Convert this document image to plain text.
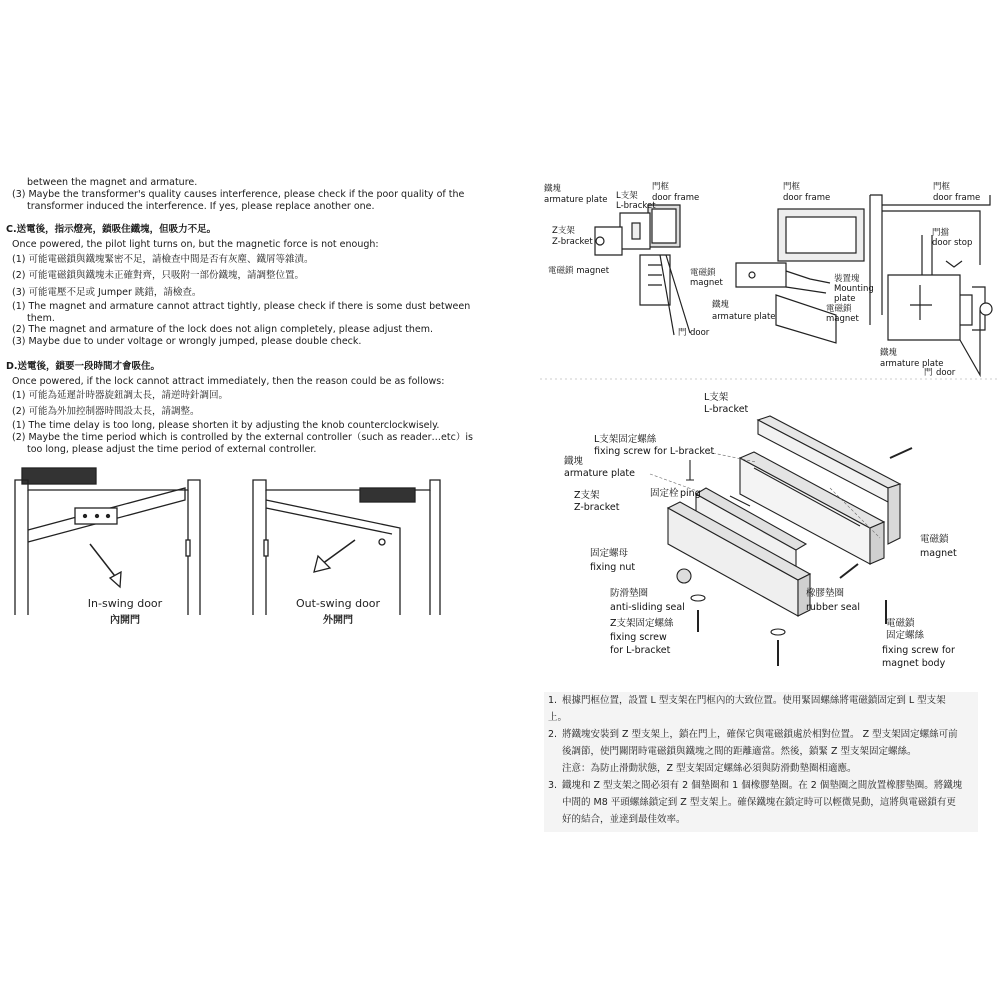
between the magnet and armature.
(3) Maybe the transformer's quality causes interference, please check if the poor quality of the
transformer induced the interference. If yes, please replace another one.
C.送電後，指示燈亮，鎖吸住鐵塊，但吸力不足。
Once powered, the pilot light turns on, but the magnetic force is not enough:
(1) 可能電磁鎖與鐵塊緊密不足，請檢查中間是否有灰塵、鐵屑等雜漬。
(2) 可能電磁鎖與鐵塊未正確對齊，只吸附一部份鐵塊，請調整位置。
(3) 可能電壓不足或 Jumper 跳錯，請檢查。
(1) The magnet and armature cannot attract tightly, please check if there is some dust between
them.
(2) The magnet and armature of the lock does not align completely, please adjust them.
(3) Maybe due to under voltage or wrongly jumped, please double check.
D.送電後，鎖要一段時間才會吸住。
Once powered, if the lock cannot attract immediately, then the reason could be as follows:
(1) 可能為延遲計時器旋鈕調太長，請逆時針調回。
(2) 可能為外加控制器時間設太長，請調整。
(1) The time delay is too long, please shorten it by adjusting the knob counterclockwisely.
(2) Maybe the time period which is controlled by the external controller（such as reader…etc）is
too long, please adjust the time period of external controller.
In-swing door
內開門
Out-swing door
外開門
鐵塊
armature plate L支架
L-bracket
門框
door frame
Z支架
Z-bracket
電磁鎖 magnet
門 door
門框
door frame
電磁鎖
magnet
鐵塊
armature plate
裝置塊
Mounting
plate
電磁鎖
magnet
門框
door frame
門擋
door stop
鐵塊
armature plate
門 door
L支架
L-bracket
L支架固定螺絲
fixing screw for L-bracket
鐵塊
armature plate
固定栓 ping
Z支架
Z-bracket
固定螺母
fixing nut
電磁鎖
magnet
防滑墊圈
anti-sliding seal
橡膠墊圈
rubber seal
Z支架固定螺絲
fixing screw
for L-bracket
電磁鎖
固定螺絲
fixing screw for
magnet body
1. 根據門框位置，設置 L 型支架在門框內的大致位置。使用緊固螺絲將電磁鎖固定到 L 型支架
上。
2. 將鐵塊安裝到 Z 型支架上，鎖在門上，確保它與電磁鎖處於相對位置。 Z 型支架固定螺絲可前
後調節，使門關閉時電磁鎖與鐵塊之間的距離適當。然後，鎖緊 Z 型支架固定螺絲。
注意：為防止滑動狀態，Z 型支架固定螺絲必須與防滑動墊圈相適應。
3. 鐵塊和 Z 型支架之間必須有 2 個墊圈和 1 個橡膠墊圈。在 2 個墊圈之間放置橡膠墊圈。將鐵塊
中間的 M8 平頭螺絲鎖定到 Z 型支架上。確保鐵塊在鎖定時可以輕微晃動，這將與電磁鎖有更
好的結合，並達到最佳效率。
